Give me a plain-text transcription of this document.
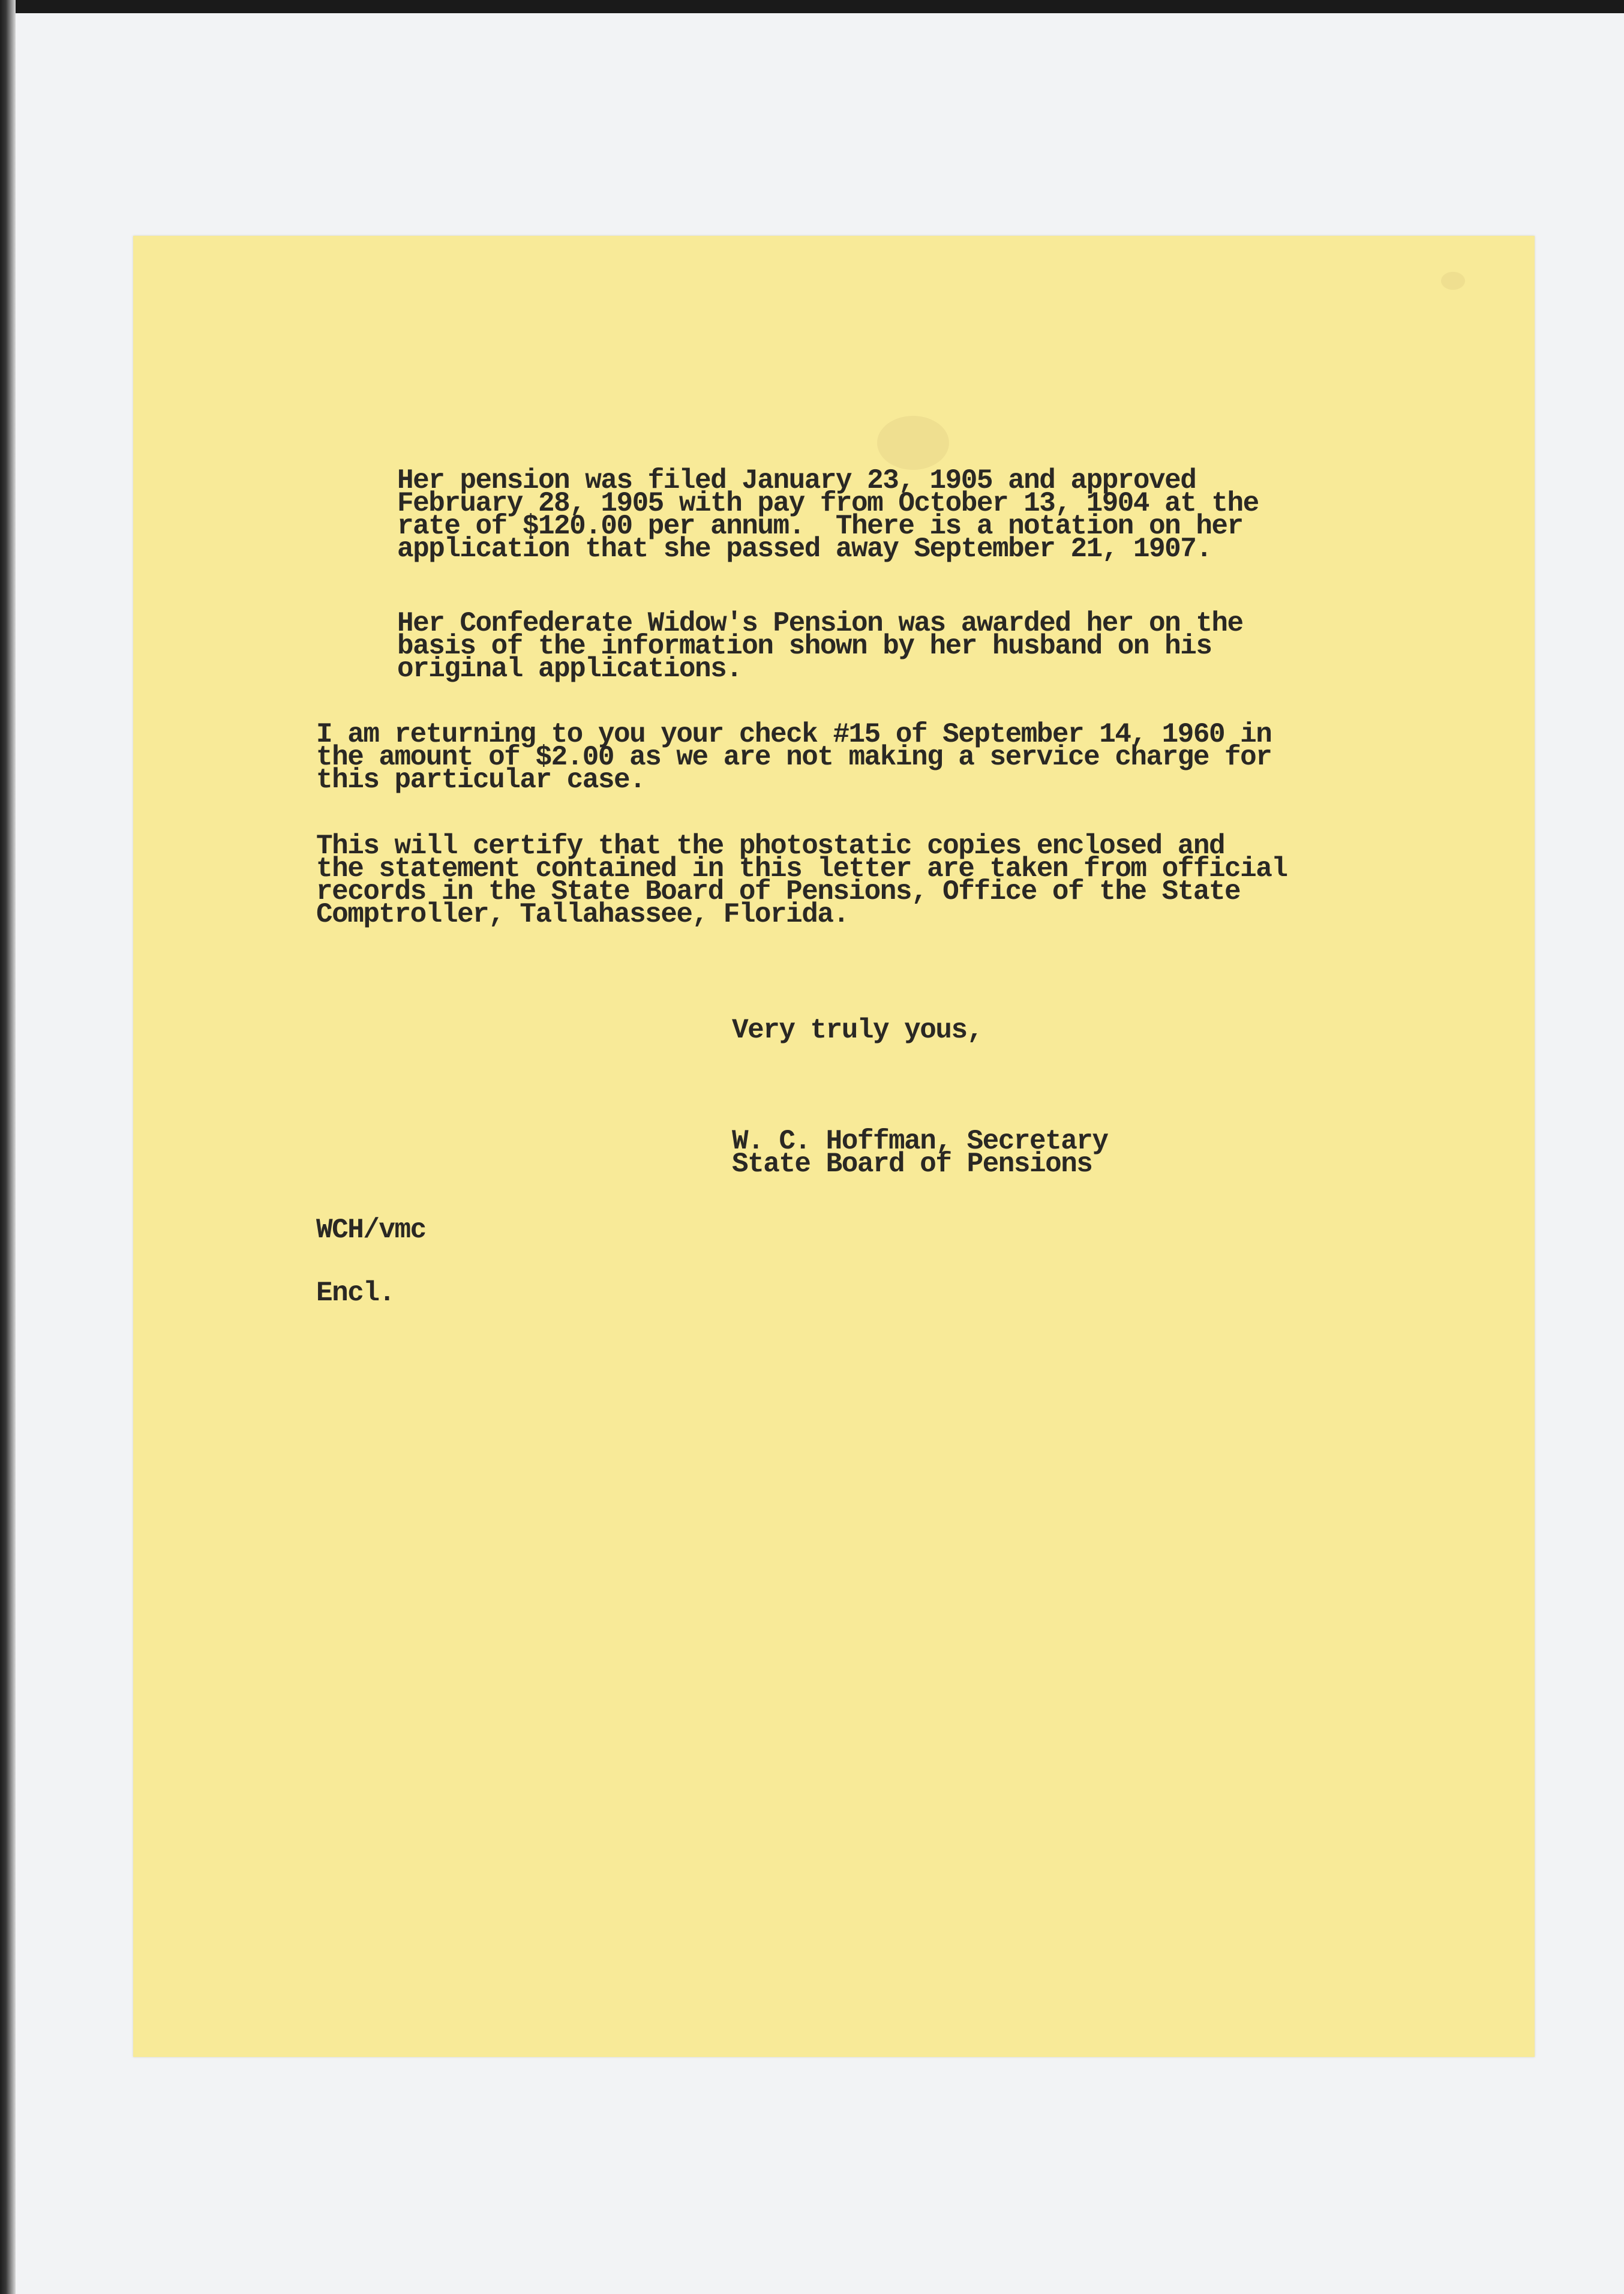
Her pension was filed January 23, 1905 and approved
February 28, 1905 with pay from October 13, 1904 at the
rate of $120.00 per annum.  There is a notation on her
application that she passed away September 21, 1907.
Her Confederate Widow's Pension was awarded her on the
basis of the information shown by her husband on his
original applications.
I am returning to you your check #15 of September 14, 1960 in
the amount of $2.00 as we are not making a service charge for
this particular case.
This will certify that the photostatic copies enclosed and
the statement contained in this letter are taken from official
records in the State Board of Pensions, Office of the State
Comptroller, Tallahassee, Florida.
Very truly yous,
W. C. Hoffman, Secretary
State Board of Pensions
WCH/vmc
Encl.
